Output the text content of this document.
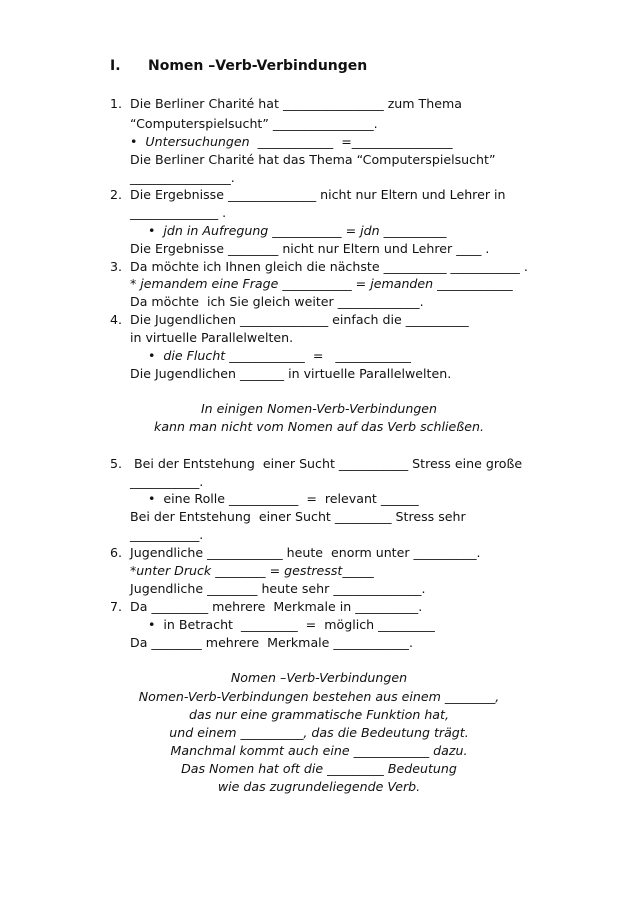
I. Nomen –Verb-Verbindungen
1.  Die Berliner Charité hat ________________ zum Thema
“Computerspielsucht” ________________.
•  Untersuchungen  ____________  =________________
Die Berliner Charité hat das Thema “Computerspielsucht”
________________.
2.  Die Ergebnisse ______________ nicht nur Eltern und Lehrer in
______________ .
•  jdn in Aufregung ___________ = jdn __________
Die Ergebnisse ________ nicht nur Eltern und Lehrer ____ .
3.  Da möchte ich Ihnen gleich die nächste __________ ___________ .
* jemandem eine Frage ___________ = jemanden ____________
Da möchte  ich Sie gleich weiter _____________.
4.  Die Jugendlichen ______________ einfach die __________
in virtuelle Parallelwelten.
•  die Flucht ____________  =   ____________
Die Jugendlichen _______ in virtuelle Parallelwelten.
In einigen Nomen-Verb-Verbindungen
kann man nicht vom Nomen auf das Verb schließen.
5.   Bei der Entstehung  einer Sucht ___________ Stress eine große
___________.
•  eine Rolle ___________  =  relevant ______
Bei der Entstehung  einer Sucht _________ Stress sehr
___________.
6.  Jugendliche ____________ heute  enorm unter __________.
*unter Druck ________ = gestresst_____
Jugendliche ________ heute sehr ______________.
7.  Da _________ mehrere  Merkmale in __________.
•  in Betracht  _________  =  möglich _________
Da ________ mehrere  Merkmale ____________.
Nomen –Verb-Verbindungen
Nomen-Verb-Verbindungen bestehen aus einem ________,
das nur eine grammatische Funktion hat,
und einem __________, das die Bedeutung trägt.
Manchmal kommt auch eine ____________ dazu.
Das Nomen hat oft die _________ Bedeutung
wie das zugrundeliegende Verb.
